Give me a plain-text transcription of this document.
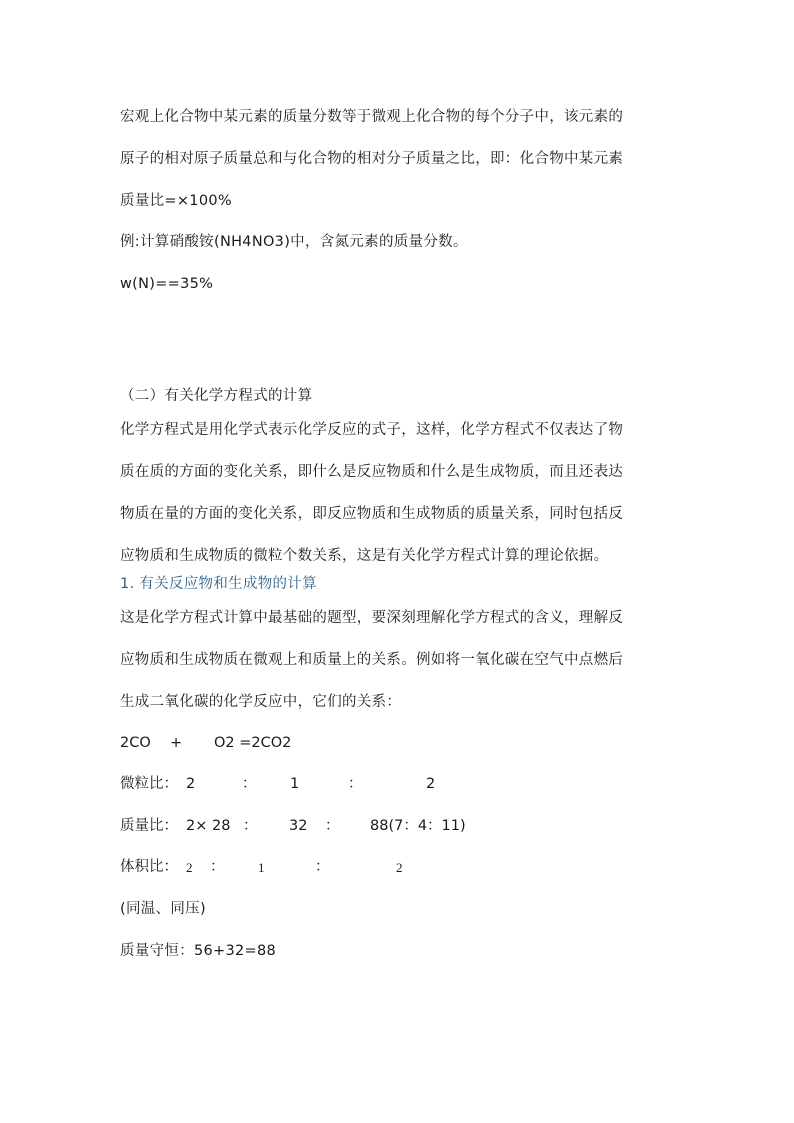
宏观上化合物中某元素的质量分数等于微观上化合物的每个分子中，该元素的

原子的相对原子质量总和与化合物的相对分子质量之比，即：化合物中某元素

质量比=×100%

例:计算硝酸铵(NH4NO3)中，含氮元素的质量分数。

w(N)==35%

（二）有关化学方程式的计算

化学方程式是用化学式表示化学反应的式子，这样，化学方程式不仅表达了物

质在质的方面的变化关系，即什么是反应物质和什么是生成物质，而且还表达

物质在量的方面的变化关系，即反应物质和生成物质的质量关系，同时包括反

应物质和生成物质的微粒个数关系，这是有关化学方程式计算的理论依据。

1. 有关反应物和生成物的计算

这是化学方程式计算中最基础的题型，要深刻理解化学方程式的含义，理解反

应物质和生成物质在微观上和质量上的关系。例如将一氧化碳在空气中点燃后

生成二氧化碳的化学反应中，它们的关系：

2CO + O2 =2CO2
微粒比： 2	： 1	：	2
质量比： 2× 28 ： 32 ： 88(7：4：11)
体积比： 2 ：	1	：	2

(同温、同压)

质量守恒：56+32=88
